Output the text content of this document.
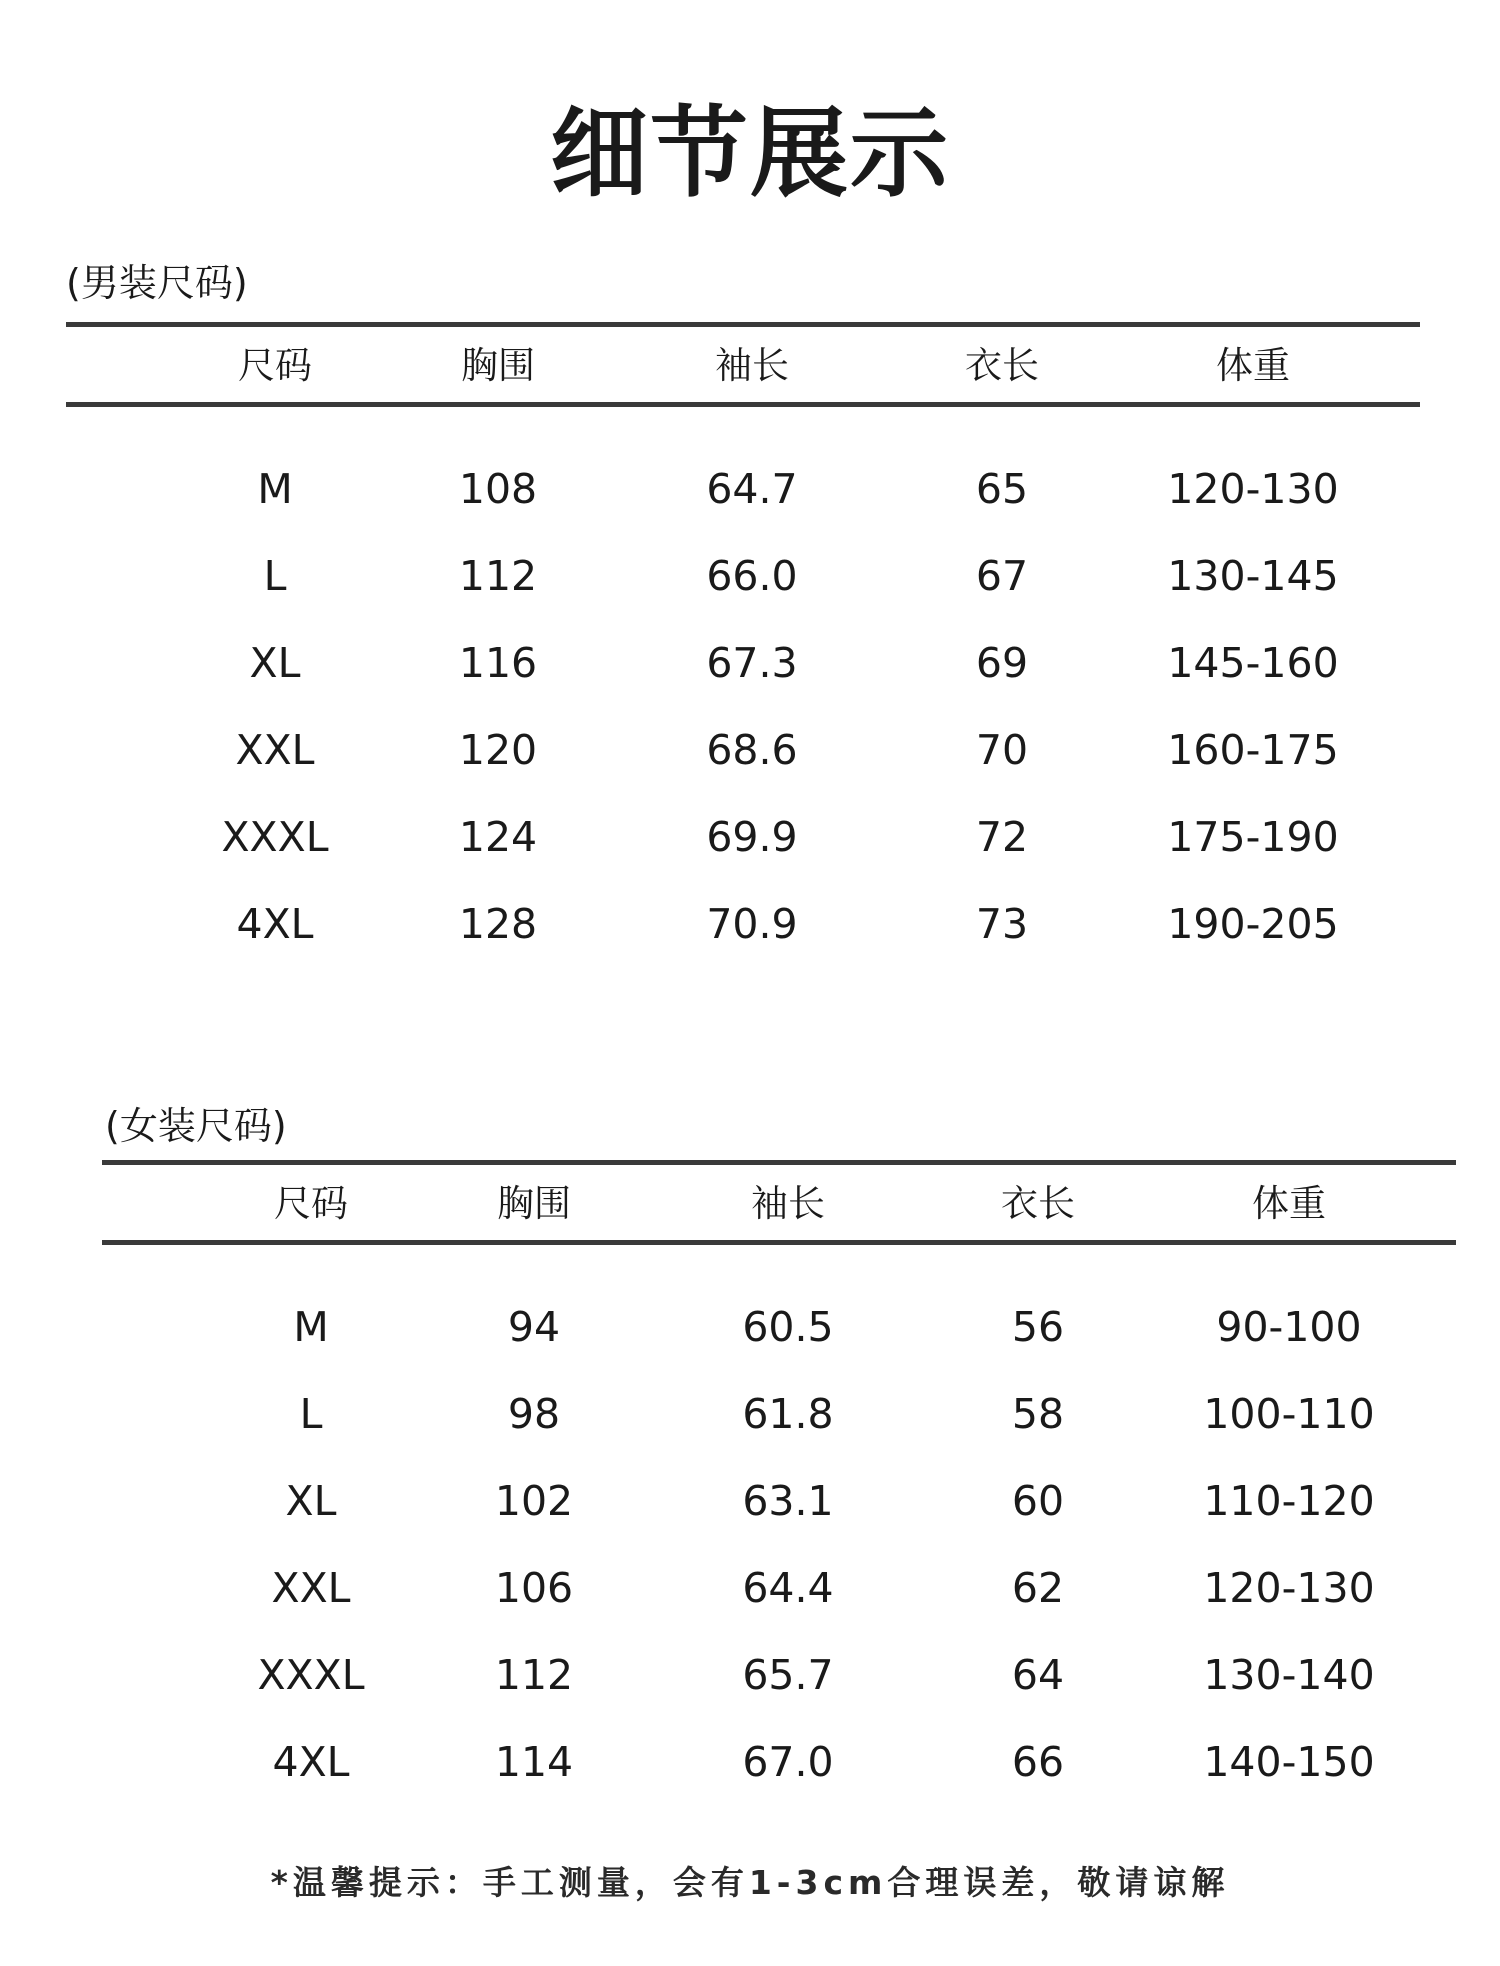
细节展示
(男装尺码)
尺码	胸围	袖长	衣长	体重
M	108	64.7	65	120-130
L	112	66.0	67	130-145
XL	116	67.3	69	145-160
XXL	120	68.6	70	160-175
XXXL	124	69.9	72	175-190
4XL	128	70.9	73	190-205
(女装尺码)
尺码	胸围	袖长	衣长	体重
M	94	60.5	56	90-100
L	98	61.8	58	100-110
XL	102	63.1	60	110-120
XXL	106	64.4	62	120-130
XXXL	112	65.7	64	130-140
4XL	114	67.0	66	140-150
*温馨提示：手工测量，会有1-3cm合理误差，敬请谅解
